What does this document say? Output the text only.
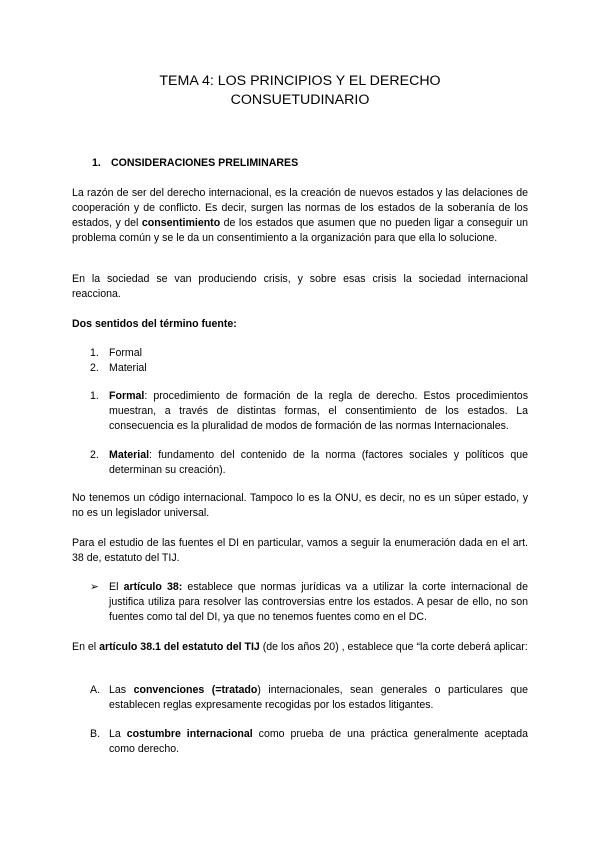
TEMA 4: LOS PRINCIPIOS Y EL DERECHO
CONSUETUDINARIO
1. CONSIDERACIONES PRELIMINARES
La razón de ser del derecho internacional, es la creación de nuevos estados y las delaciones de cooperación y de conflicto. Es decir, surgen las normas de los estados de la soberanía de los estados, y del consentimiento de los estados que asumen que no pueden ligar a conseguir un problema común y se le da un consentimiento a la organización para que ella lo solucione.
En la sociedad se van produciendo crisis, y sobre esas crisis la sociedad internacional reacciona.
Dos sentidos del término fuente:
1. Formal
2. Material
1. Formal: procedimiento de formación de la regla de derecho. Estos procedimientos muestran, a través de distintas formas, el consentimiento de los estados. La consecuencia es la pluralidad de modos de formación de las normas Internacionales.
2. Material: fundamento del contenido de la norma (factores sociales y políticos que determinan su creación).
No tenemos un código internacional. Tampoco lo es la ONU, es decir, no es un súper estado, y no es un legislador universal.
Para el estudio de las fuentes el DI en particular, vamos a seguir la enumeración dada en el art. 38 de, estatuto del TIJ.
➢ El artículo 38: establece que normas jurídicas va a utilizar la corte internacional de justifica utiliza para resolver las controversias entre los estados. A pesar de ello, no son fuentes como tal del DI, ya que no tenemos fuentes como en el DC.
En el artículo 38.1 del estatuto del TIJ (de los años 20) , establece que “la corte deberá aplicar:
A. Las convenciones (=tratado) internacionales, sean generales o particulares que establecen reglas expresamente recogidas por los estados litigantes.
B. La costumbre internacional como prueba de una práctica generalmente aceptada como derecho.
